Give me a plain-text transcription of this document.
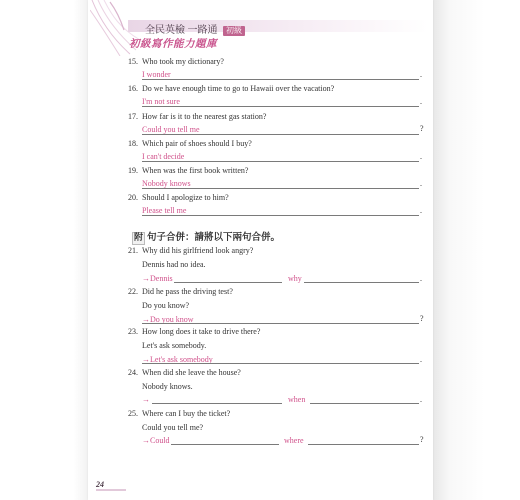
全民英檢 一路通 初級
初級寫作能力題庫
15. Who took my dictionary?
I wonder	.
16. Do we have enough time to go to Hawaii over the vacation?
I'm not sure	.
17. How far is it to the nearest gas station?
Could you tell me	?
18. Which pair of shoes should I buy?
I can't decide	.
19. When was the first book written?
Nobody knows	.
20. Should I apologize to him?
Please tell me	.
附 句子合併：請將以下兩句合併。
21. Why did his girlfriend look angry?
Dennis had no idea.
→Dennis	why	.
22. Did he pass the driving test?
Do you know?
→Do you know	?
23. How long does it take to drive there?
Let's ask somebody.
→Let's ask somebody	.
24. When did she leave the house?
Nobody knows.
→	when	.
25. Where can I buy the ticket?
Could you tell me?
→Could	where	?
24
